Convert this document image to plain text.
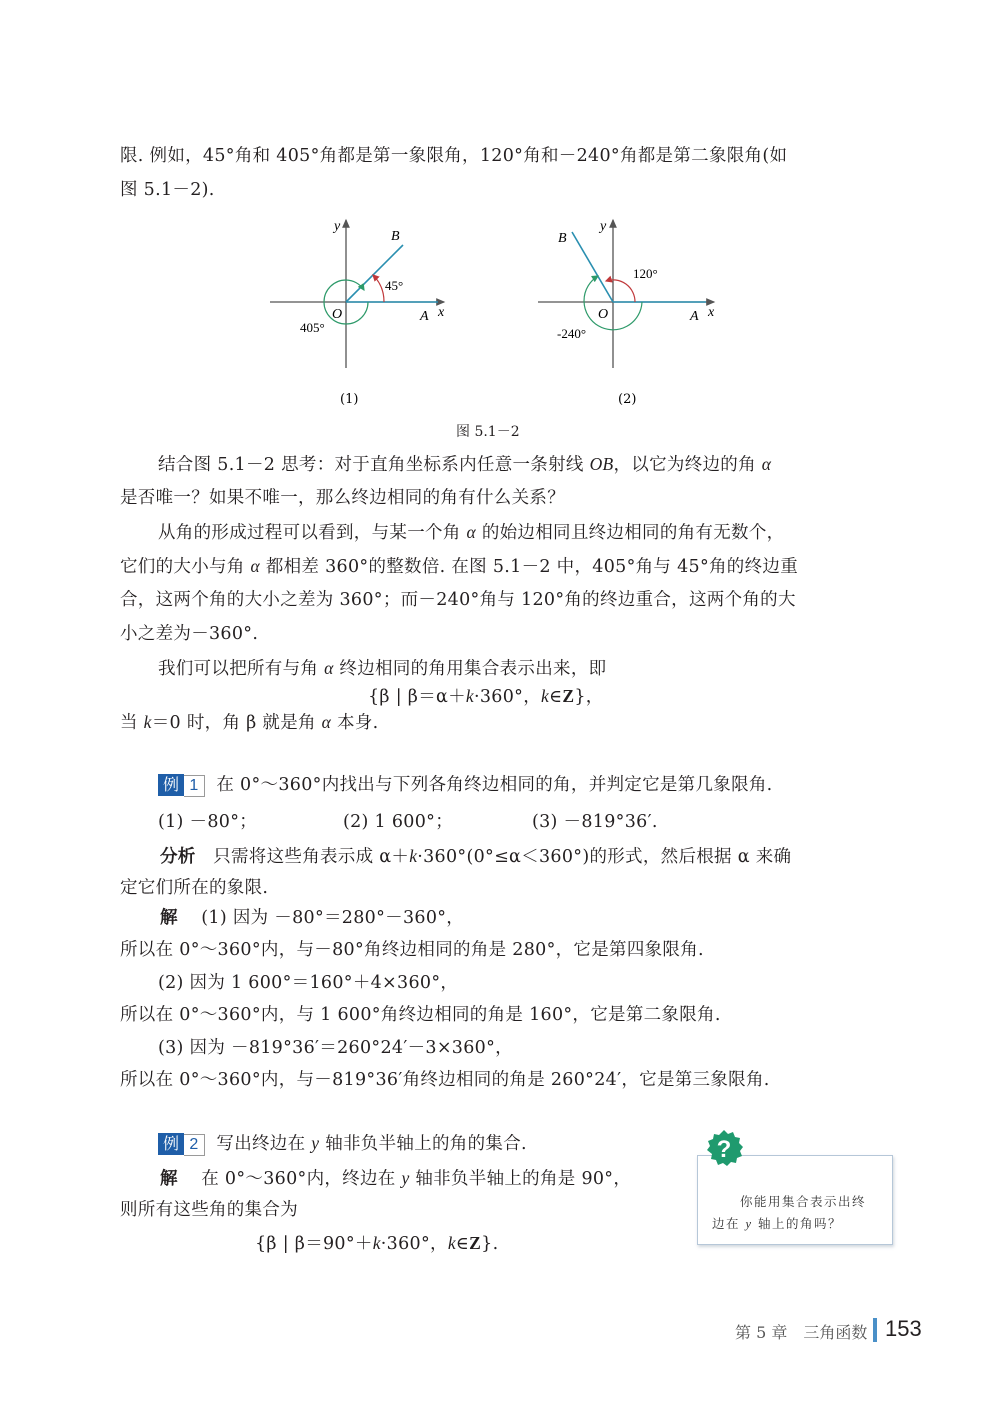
限. 例如，45°角和 405°角都是第一象限角，120°角和－240°角都是第二象限角(如
图 5.1－2).
y
B
45°
O	A x
405°
(1)
y
B
120°
O	A x
-240°
(2)
图 5.1－2
结合图 5.1－2 思考：对于直角坐标系内任意一条射线 OB，以它为终边的角 α
是否唯一？如果不唯一，那么终边相同的角有什么关系？
从角的形成过程可以看到，与某一个角 α 的始边相同且终边相同的角有无数个，
它们的大小与角 α 都相差 360°的整数倍. 在图 5.1－2 中，405°角与 45°角的终边重
合，这两个角的大小之差为 360°；而－240°角与 120°角的终边重合，这两个角的大
小之差为－360°.
我们可以把所有与角 α 终边相同的角用集合表示出来，即
{β | β＝α＋k·360°，k∈Z}，
当 k＝0 时，角 β 就是角 α 本身.
例 1 在 0°～360°内找出与下列各角终边相同的角，并判定它是第几象限角.
(1) －80°；	(2) 1 600°；	(3) －819°36′.
分析 只需将这些角表示成 α＋k·360°(0°≤α＜360°)的形式，然后根据 α 来确
定它们所在的象限.
解 (1) 因为 －80°＝280°－360°，
所以在 0°～360°内，与－80°角终边相同的角是 280°，它是第四象限角.
(2) 因为 1 600°＝160°＋4×360°，
所以在 0°～360°内，与 1 600°角终边相同的角是 160°，它是第二象限角.
(3) 因为 －819°36′＝260°24′－3×360°，
所以在 0°～360°内，与－819°36′角终边相同的角是 260°24′，它是第三象限角.
例 2 写出终边在 y 轴非负半轴上的角的集合.
解 在 0°～360°内，终边在 y 轴非负半轴上的角是 90°，
则所有这些角的集合为
{β | β＝90°＋k·360°，k∈Z}.
你能用集合表示出终
边在 y 轴上的角吗？
?
第 5 章　三角函数 153
